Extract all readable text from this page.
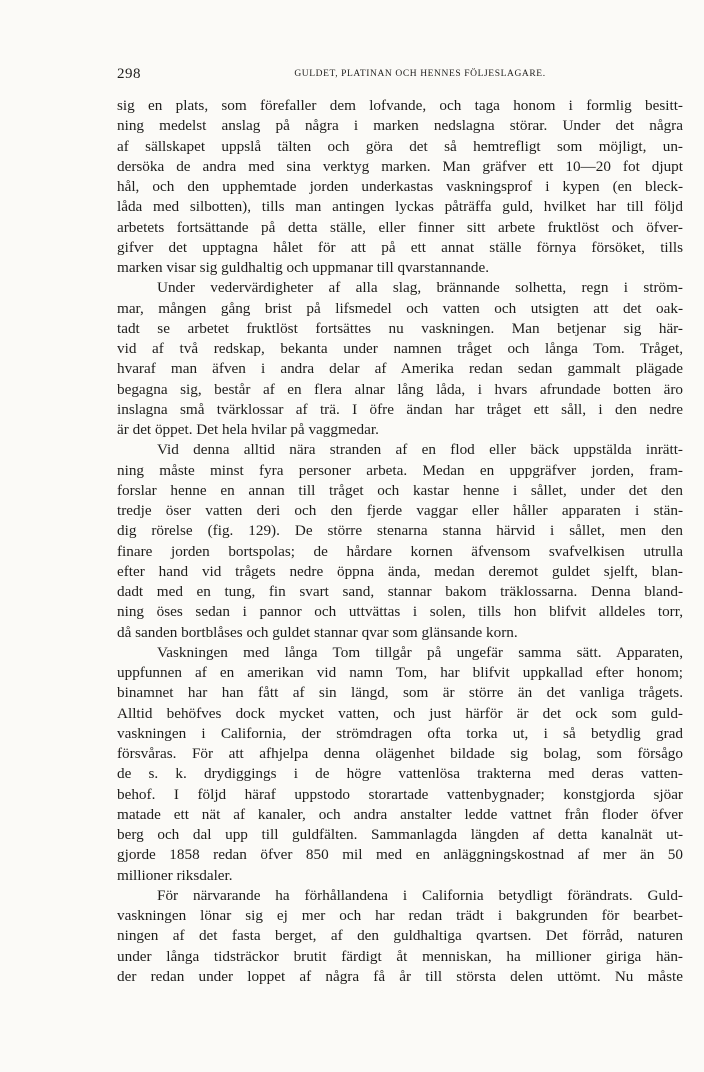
298	GULDET, PLATINAN OCH HENNES FÖLJESLAGARE.
sig en plats, som förefaller dem lofvande, och taga honom i formlig besitt-
ning medelst anslag på några i marken nedslagna störar. Under det några
af sällskapet uppslå tälten och göra det så hemtrefligt som möjligt, un-
dersöka de andra med sina verktyg marken. Man gräfver ett 10—20 fot djupt
hål, och den upphemtade jorden underkastas vaskningsprof i kypen (en bleck-
låda med silbotten), tills man antingen lyckas påträffa guld, hvilket har till följd
arbetets fortsättande på detta ställe, eller finner sitt arbete fruktlöst och öfver-
gifver det upptagna hålet för att på ett annat ställe förnya försöket, tills
marken visar sig guldhaltig och uppmanar till qvarstannande.
Under vedervärdigheter af alla slag, brännande solhetta, regn i ström-
mar, mången gång brist på lifsmedel och vatten och utsigten att det oak-
tadt se arbetet fruktlöst fortsättes nu vaskningen. Man betjenar sig här-
vid af två redskap, bekanta under namnen tråget och långa Tom. Tråget,
hvaraf man äfven i andra delar af Amerika redan sedan gammalt plägade
begagna sig, består af en flera alnar lång låda, i hvars afrundade botten äro
inslagna små tvärklossar af trä. I öfre ändan har tråget ett såll, i den nedre
är det öppet. Det hela hvilar på vaggmedar.
Vid denna alltid nära stranden af en flod eller bäck uppstälda inrätt-
ning måste minst fyra personer arbeta. Medan en uppgräfver jorden, fram-
forslar henne en annan till tråget och kastar henne i sållet, under det den
tredje öser vatten deri och den fjerde vaggar eller håller apparaten i stän-
dig rörelse (fig. 129). De större stenarna stanna härvid i sållet, men den
finare jorden bortspolas; de hårdare kornen äfvensom svafvelkisen utrulla
efter hand vid trågets nedre öppna ända, medan deremot guldet sjelft, blan-
dadt med en tung, fin svart sand, stannar bakom träklossarna. Denna bland-
ning öses sedan i pannor och uttvättas i solen, tills hon blifvit alldeles torr,
då sanden bortblåses och guldet stannar qvar som glänsande korn.
Vaskningen med långa Tom tillgår på ungefär samma sätt. Apparaten,
uppfunnen af en amerikan vid namn Tom, har blifvit uppkallad efter honom;
binamnet har han fått af sin längd, som är större än det vanliga trågets.
Alltid behöfves dock mycket vatten, och just härför är det ock som guld-
vaskningen i California, der strömdragen ofta torka ut, i så betydlig grad
försvåras. För att afhjelpa denna olägenhet bildade sig bolag, som försågo
de s. k. drydiggings i de högre vattenlösa trakterna med deras vatten-
behof. I följd häraf uppstodo storartade vattenbygnader; konstgjorda sjöar
matade ett nät af kanaler, och andra anstalter ledde vattnet från floder öfver
berg och dal upp till guldfälten. Sammanlagda längden af detta kanalnät ut-
gjorde 1858 redan öfver 850 mil med en anläggningskostnad af mer än 50
millioner riksdaler.
För närvarande ha förhållandena i California betydligt förändrats. Guld-
vaskningen lönar sig ej mer och har redan trädt i bakgrunden för bearbet-
ningen af det fasta berget, af den guldhaltiga qvartsen. Det förråd, naturen
under långa tidsträckor brutit färdigt åt menniskan, ha millioner giriga hän-
der redan under loppet af några få år till största delen uttömt. Nu måste
